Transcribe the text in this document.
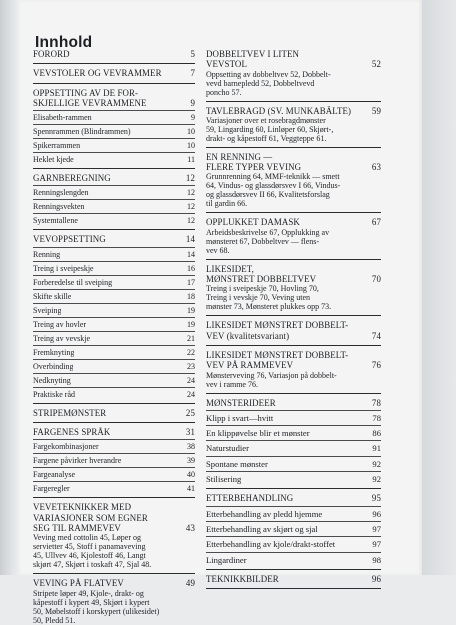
Innhold
FORORD	5
VEVSTOLER OG VEVRAMMER	7
OPPSETTING AV DE FOR-
SKJELLIGE VEVRAMMENE	9
Elisabeth-rammen	9
Spennrammen (Blindrammen)	10
Spikerrammen	10
Heklet kjede	11
GARNBEREGNING	12
Renningslengden	12
Renningsvekten	12
Systemtallene	12
VEVOPPSETTING	14
Renning	14
Treing i sveipeskje	16
Forberedelse til sveiping	17
Skifte skille	18
Sveiping	19
Treing av hovler	19
Treing av vevskje	21
Fremknyting	22
Overbinding	23
Nedknyting	24
Praktiske råd	24
STRIPEMØNSTER	25
FARGENES SPRÅK	31
Fargekombinasjoner	38
Fargene påvirker hverandre	39
Fargeanalyse	40
Fargeregler	41
VEVETEKNIKKER MED
VARIASJONER SOM EGNER
SEG TIL RAMMEVEV	43
Veving med cottolin 45, Løper og
servietter 45, Stoff i panamaveving
45, Ullvev 46, Kjolestoff 46, Langt
skjørt 47, Skjørt i toskaft 47, Sjal 48.
VEVING PÅ FLATVEV	49
Stripete løper 49, Kjole-, drakt- og
kåpestoff i kypert 49, Skjørt i kypert
50, Møbelstoff i korskypert (ulikesidet)
50, Pledd 51.
DOBBELTVEV I LITEN
VEVSTOL	52
Oppsetting av dobbeltvev 52, Dobbelt-
vevd barnepledd 52, Dobbeltvevd
poncho 57.
TAVLEBRAGD (SV. MUNKABÄLTE) 59
Variasjoner over et rosebragdmønster
59, Lingarding 60, Linløper 60, Skjørt-,
drakt- og kåpestoff 61, Veggteppe 61.
EN RENNING —
FLERE TYPER VEVING	63
Grunnrenning 64, MMF-teknikk — smett
64, Vindus- og glassdørsvev I 66, Vindus-
og glassdørsvev II 66, Kvalitetsforslag
til gardin 66.
OPPLUKKET DAMASK	67
Arbeidsbeskrivelse 67, Opplukking av
mønsteret 67, Dobbeltvev — flens-
vev 68.
LIKESIDET,
MØNSTRET DOBBELTVEV	70
Treing i sveipeskje 70, Hovling 70,
Treing i vevskje 70, Veving uten
mønster 73, Mønsteret plukkes opp 73.
LIKESIDET MØNSTRET DOBBELT-
VEV (kvalitetsvariant)	74
LIKESIDET MØNSTRET DOBBELT-
VEV PÅ RAMMEVEV	76
Mønsterveving 76, Variasjon på dobbelt-
vev i ramme 76.
MØNSTERIDEER	78
Klipp i svart—hvitt	78
En klippøvelse blir et mønster	86
Naturstudier	91
Spontane mønster	92
Stilisering	92
ETTERBEHANDLING	95
Etterbehandling av pledd hjemme	96
Etterbehandling av skjørt og sjal	97
Etterbehandling av kjole/drakt-stoffet	97
Lingardiner	98
TEKNIKKBILDER	96
